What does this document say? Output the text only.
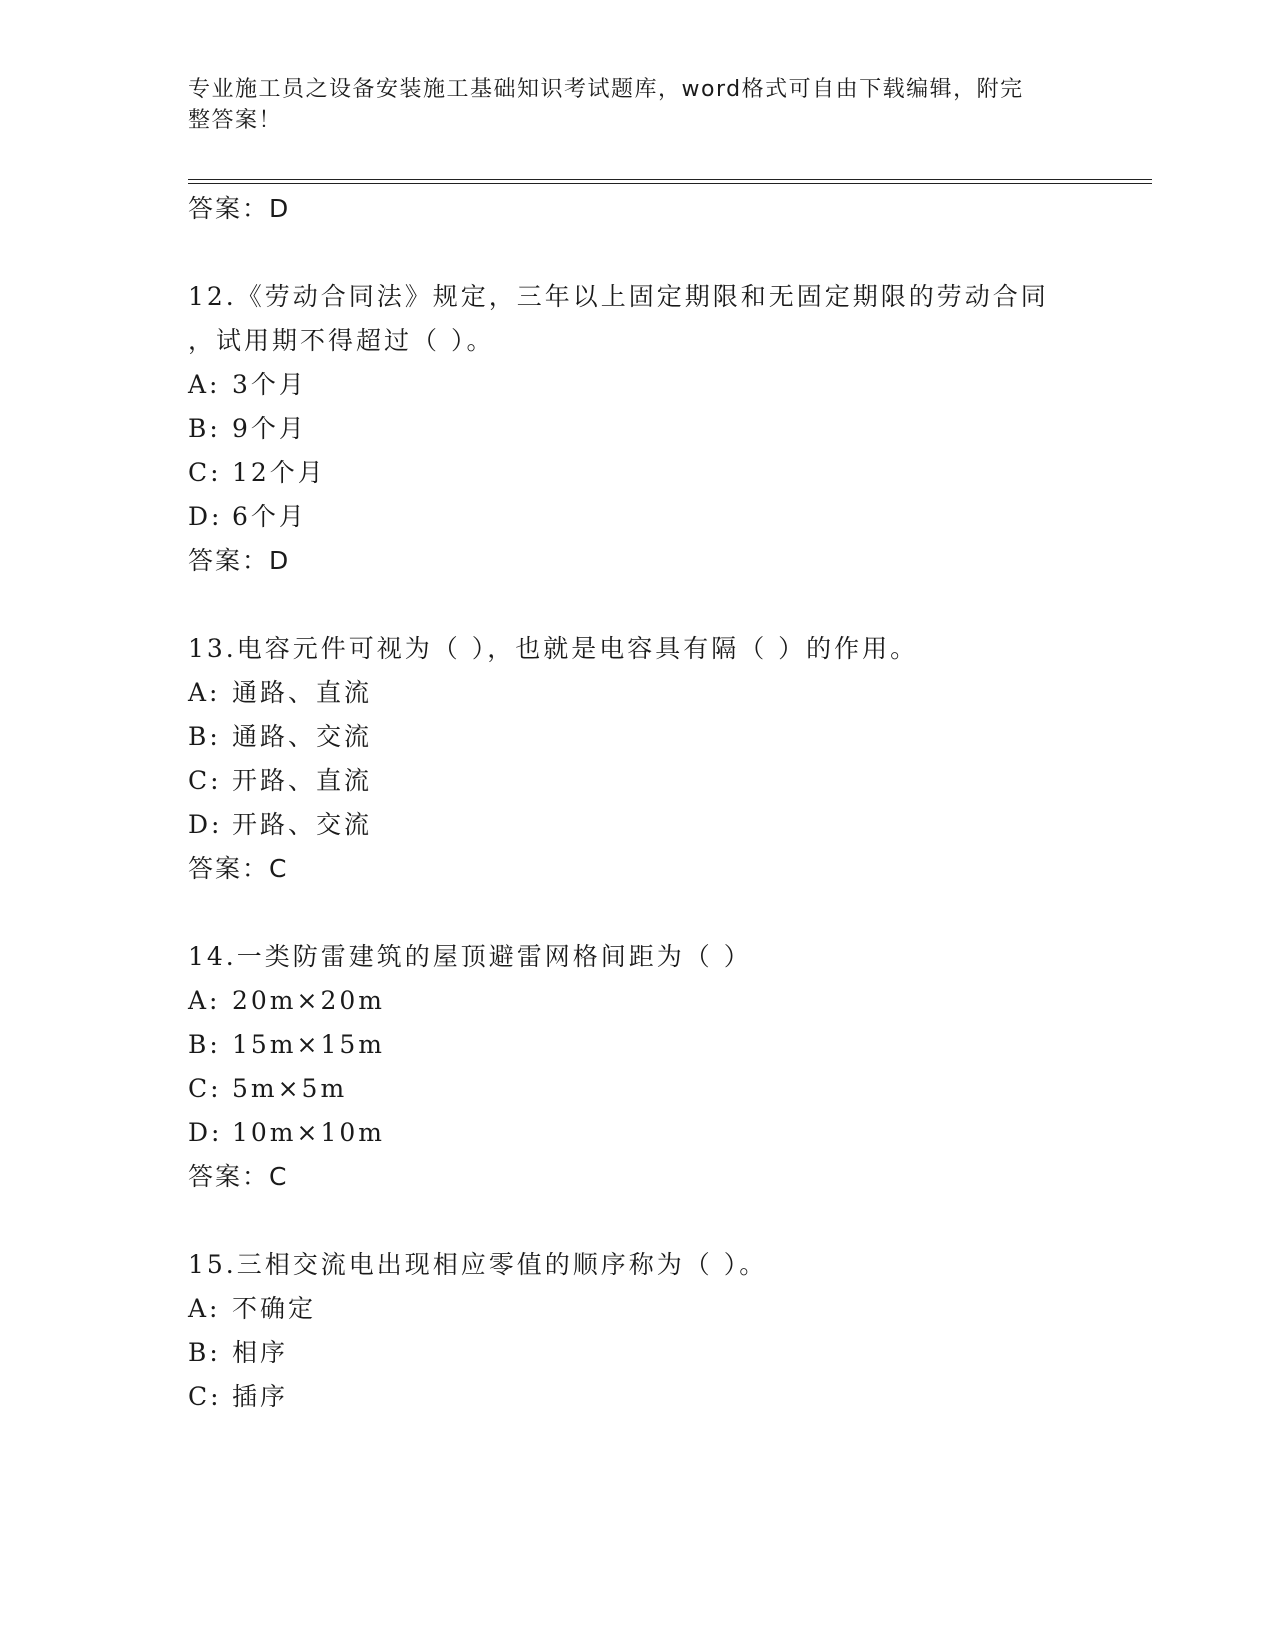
专业施工员之设备安装施工基础知识考试题库，word格式可自由下载编辑，附完
整答案！
答案：D
12.《劳动合同法》规定，三年以上固定期限和无固定期限的劳动合同
，试用期不得超过（ ）。
A: 3个月
B: 9个月
C: 12个月
D: 6个月
答案：D
13.电容元件可视为（ ），也就是电容具有隔（ ）的作用。
A: 通路、直流
B: 通路、交流
C: 开路、直流
D: 开路、交流
答案：C
14.一类防雷建筑的屋顶避雷网格间距为（ ）
A: 20m×20m
B: 15m×15m
C: 5m×5m
D: 10m×10m
答案：C
15.三相交流电出现相应零值的顺序称为（ ）。
A: 不确定
B: 相序
C: 插序
